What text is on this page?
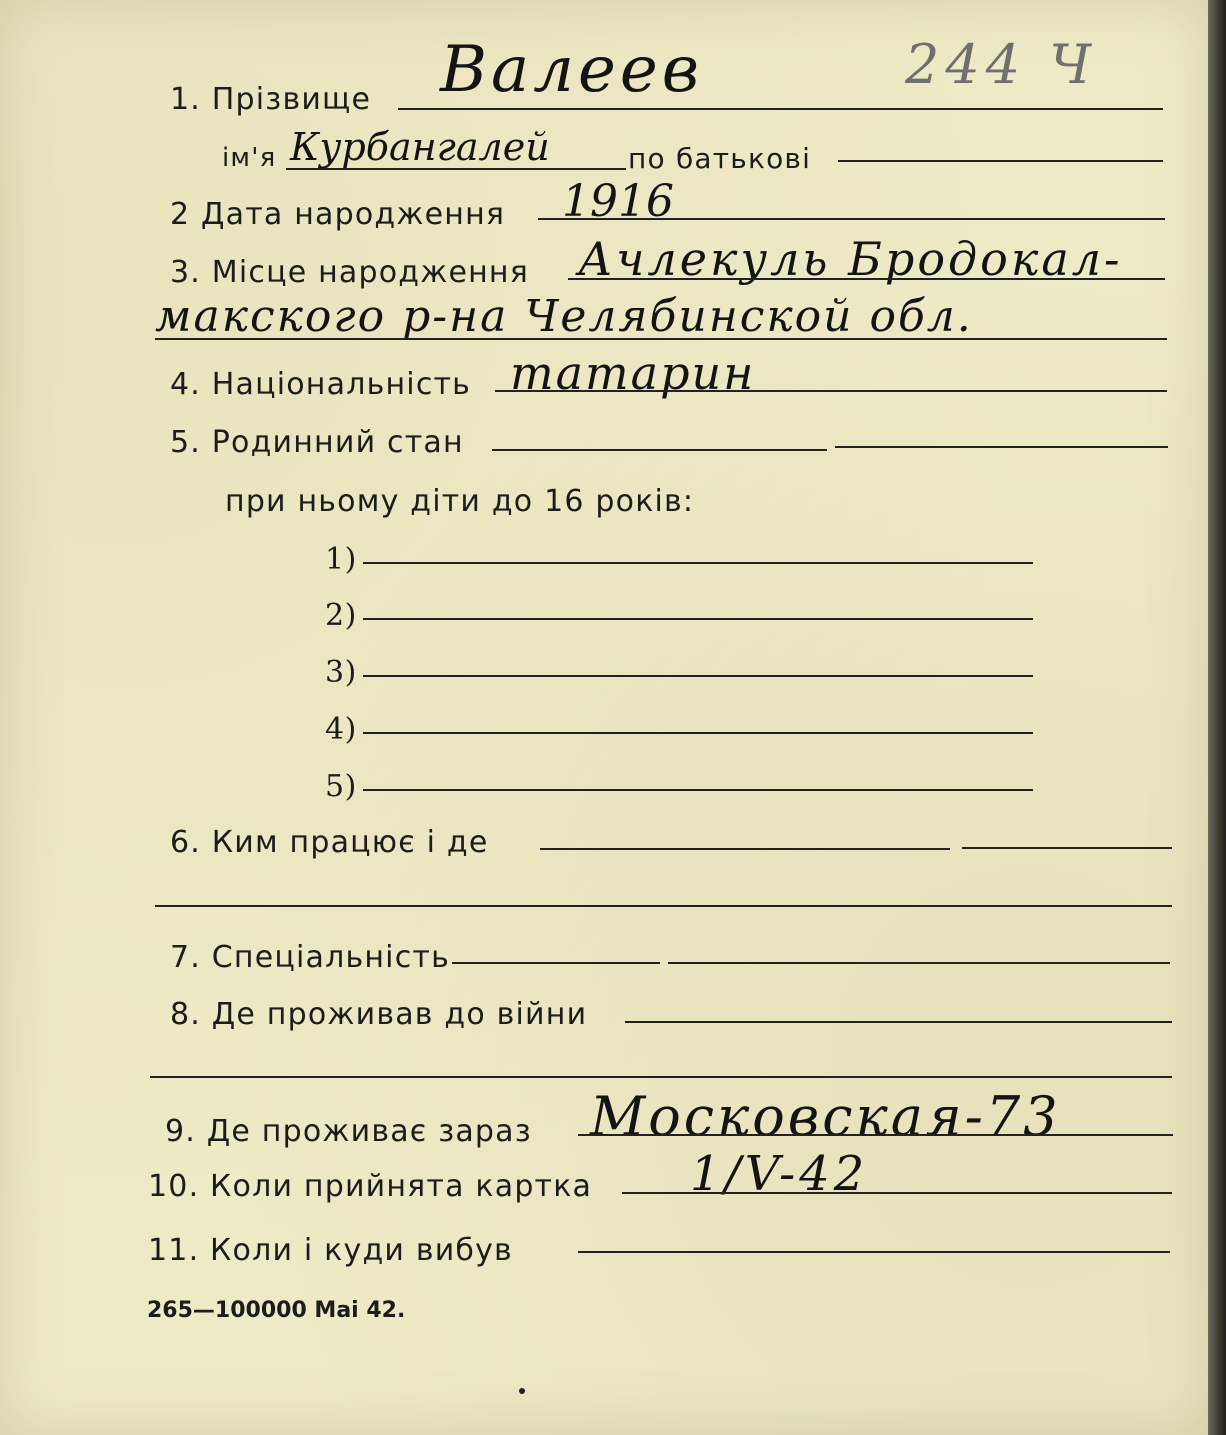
244 Ч
1. Прізвище Валеев
ім'я Курбангалей	по батькові
2 Дата народження 1916
3. Місце народження Ачлекуль Бродокал-
макского р-на Челябинской обл.
4. Національність татарин
5. Родинний стан
при ньому діти до 16 років:
1)
2)
3)
4)
5)
6. Ким працює і де
7. Спеціальність
8. Де проживав до війни
9. Де проживає зараз Московская-73
10. Коли прийнята картка 1/V-42
11. Коли і куди вибув
265—100000 Mai 42.
